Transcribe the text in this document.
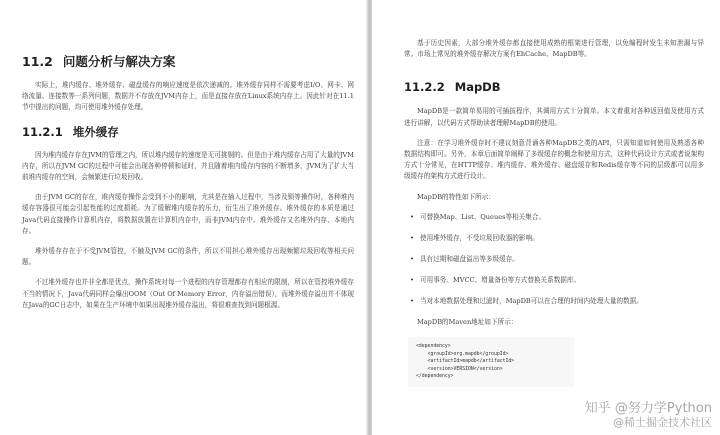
11.2 问题分析与解决方案

实际上，堆内缓存、堆外缓存、磁盘缓存的响应速度是依次递减的。堆外缓存同样不需要考虑I/O、网卡、网络流量、连接数等一系列问题，数据并不存放在JVM内存上，而是直接存放在Linux系统内存上。因此针对在11.1节中提出的问题，均可使用堆外缓存处理。

11.2.1 堆外缓存

因为堆内缓存存在JVM的管理之内，所以堆内缓存的速度是无可挑剔的。但是由于堆内缓存占用了大量的JVM内存，所以在JVM GC的过程中可能会出现各种停顿和延时，并且随着堆内缓存内容的不断增多，JVM为了扩大当前堆内缓存的空间，会频繁进行垃圾回收。

由于JVM GC的存在，堆内缓存操作会受到不小的影响，尤其是在插入过程中，当涉及锁等操作时，各种堆内缓存容器很可能会引起性能的过度损耗。为了缓解堆内缓存的压力，衍生出了堆外缓存。堆外缓存的本质是通过Java代码直接操作计算机内存，将数据放置在计算机内存中，而非JVM内存中。堆外缓存又名堆外内存、本地内存。

堆外缓存存在于不受JVM管控，不触及JVM GC的条件，所以不用担心堆外缓存出现频繁垃圾回收等相关问题。

不过堆外缓存也并非全都是优点，操作系统对每一个进程的内存管理都存有相应的限制，所以在管控堆外缓存不当的情况下，Java代码同样会爆出OOM（Out Of Memory Error，内存溢出错误），而堆外缓存溢出并不体现在Java的GC日志中，如果在生产环境中如果出现堆外缓存溢出，将很难查找到问题根源。

基于历史因素，大部分堆外缓存都直接使用成熟的框架进行管理，以免编程时发生未知泄漏与异常。市场上常见的堆外缓存解决方案有EhCache、MapDB等。

11.2.2 MapDB

MapDB是一款简单易用的可插拔程序，其调用方式十分简单。本文着重对各种返回值及使用方式进行讲解，以代码方式帮助读者理解MapDB的使用。

注意：在学习堆外缓存时不建议刻意背诵各种MapDB之类的API，只需知道如何使用及熟悉各种数据结构即可。另外，本章后面简单阐释了多级缓存的概念和使用方式，这种代码设计方式或者说架构方式十分常见，在HTTP缓存、堆内缓存、堆外缓存、磁盘缓存和Redis缓存等不同的层级都可以用多级缓存的架构方式进行设计。

MapDB的特性如下所示：

• 可替换Map、List、Queues等相关集合。
• 使用堆外缓存，不受垃圾回收器的影响。
• 具有过期和磁盘溢出等多级缓存。
• 可用事务、MVCC、增量备份等方式替换关系数据库。
• 当对本地数据处理和过滤时，MapDB可以在合理的时间内处理大量的数据。

MapDB的Maven地址如下所示：

<dependency>
<groupId>org.mapdb</groupId>
<artifactId>mapdb</artifactId>
<version>VERSION</version>
</dependency>
知乎 @努力学Python
@稀土掘金技术社区
